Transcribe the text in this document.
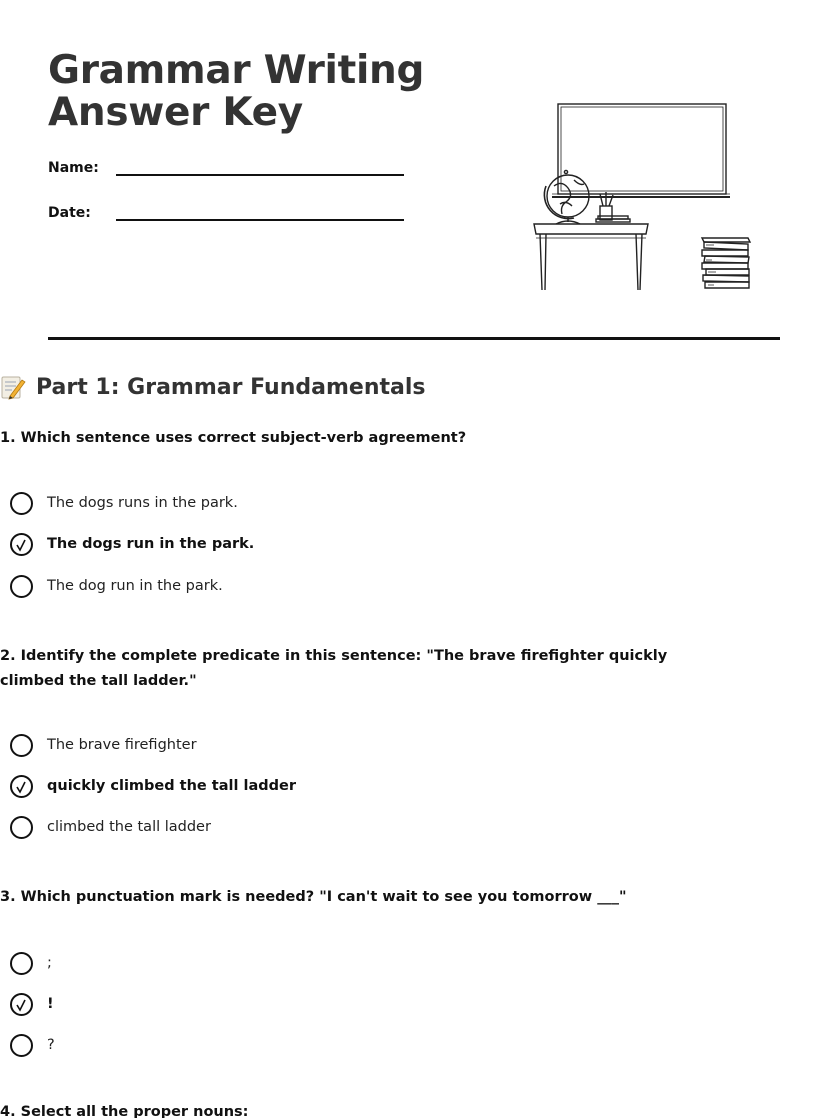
Grammar Writing
Answer Key
Name:
Date:
Part 1: Grammar Fundamentals
1. Which sentence uses correct subject-verb agreement?
The dogs runs in the park.
The dogs run in the park.
The dog run in the park.
2. Identify the complete predicate in this sentence: "The brave firefighter quickly climbed the tall ladder."
The brave firefighter
quickly climbed the tall ladder
climbed the tall ladder
3. Which punctuation mark is needed? "I can't wait to see you tomorrow ___"
;
!
?
4. Select all the proper nouns:
